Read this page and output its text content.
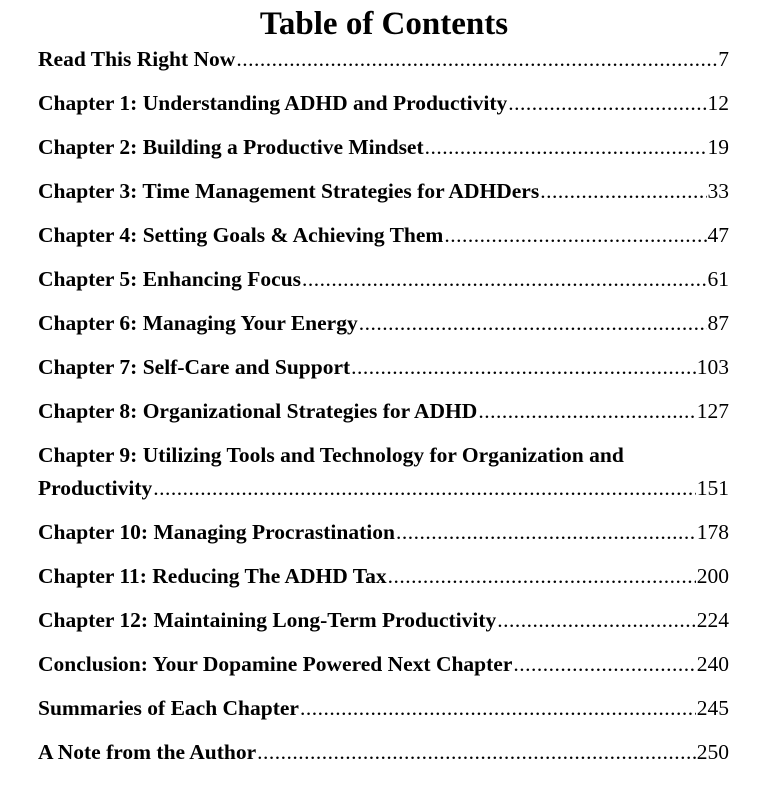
Table of Contents
Read This Right Now .....	7
Chapter 1: Understanding ADHD and Productivity .....	12
Chapter 2: Building a Productive Mindset .....	19
Chapter 3: Time Management Strategies for ADHDers .....	33
Chapter 4: Setting Goals & Achieving Them .....	47
Chapter 5: Enhancing Focus .....	61
Chapter 6: Managing Your Energy .....	87
Chapter 7: Self-Care and Support .....	103
Chapter 8: Organizational Strategies for ADHD .....	127
Chapter 9: Utilizing Tools and Technology for Organization and
Productivity .....	151
Chapter 10: Managing Procrastination .....	178
Chapter 11: Reducing The ADHD Tax .....	200
Chapter 12: Maintaining Long-Term Productivity .....	224
Conclusion: Your Dopamine Powered Next Chapter .....	240
Summaries of Each Chapter .....	245
A Note from the Author .....	250
